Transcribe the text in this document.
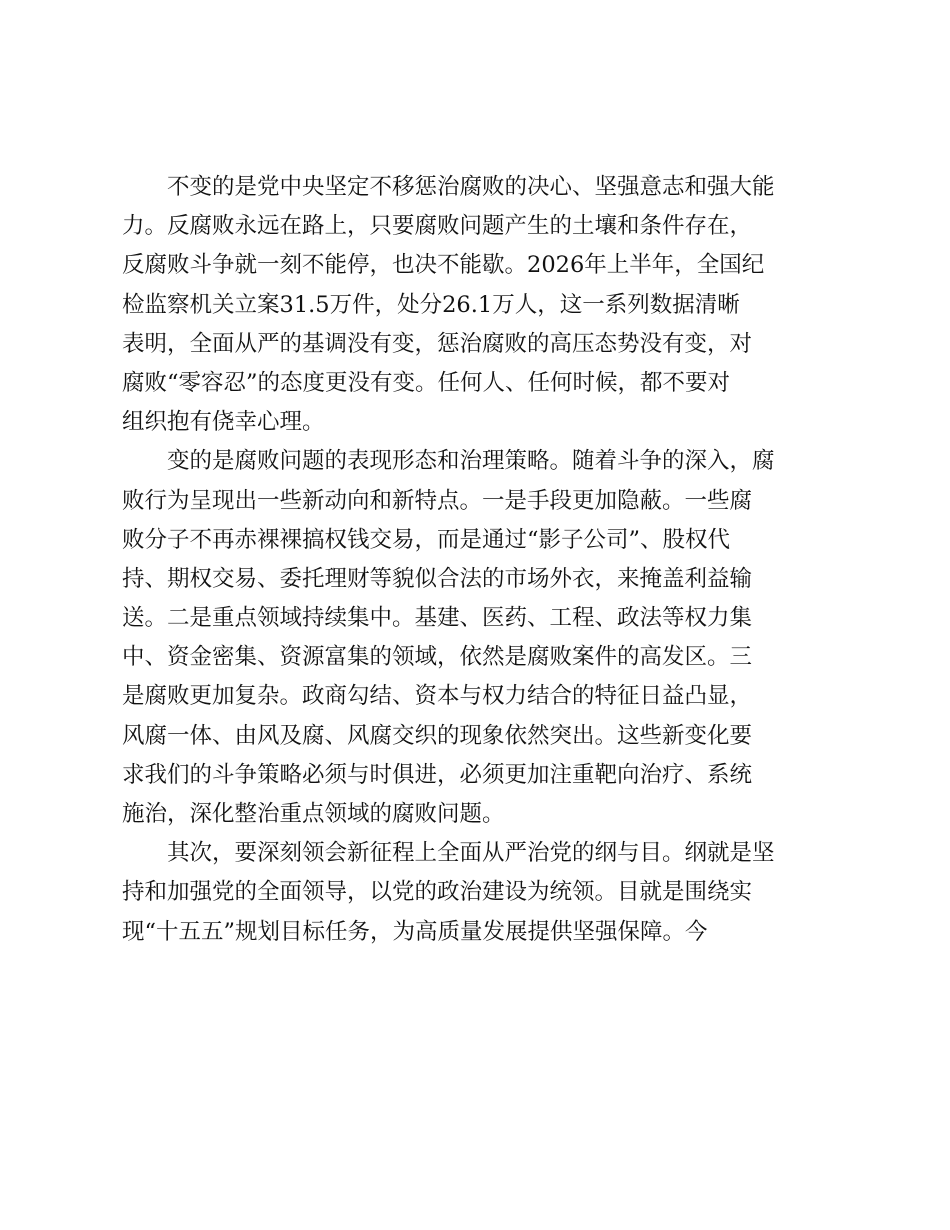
　　不变的是党中央坚定不移惩治腐败的决心、坚强意志和强大能
力。反腐败永远在路上，只要腐败问题产生的土壤和条件存在，
反腐败斗争就一刻不能停，也决不能歇。2026年上半年，全国纪
检监察机关立案31.5万件，处分26.1万人，这一系列数据清晰
表明，全面从严的基调没有变，惩治腐败的高压态势没有变，对
腐败“零容忍”的态度更没有变。任何人、任何时候，都不要对
组织抱有侥幸心理。
　　变的是腐败问题的表现形态和治理策略。随着斗争的深入，腐
败行为呈现出一些新动向和新特点。一是手段更加隐蔽。一些腐
败分子不再赤裸裸搞权钱交易，而是通过“影子公司”、股权代
持、期权交易、委托理财等貌似合法的市场外衣，来掩盖利益输
送。二是重点领域持续集中。基建、医药、工程、政法等权力集
中、资金密集、资源富集的领域，依然是腐败案件的高发区。三
是腐败更加复杂。政商勾结、资本与权力结合的特征日益凸显，
风腐一体、由风及腐、风腐交织的现象依然突出。这些新变化要
求我们的斗争策略必须与时俱进，必须更加注重靶向治疗、系统
施治，深化整治重点领域的腐败问题。
　　其次，要深刻领会新征程上全面从严治党的纲与目。纲就是坚
持和加强党的全面领导，以党的政治建设为统领。目就是围绕实
现“十五五”规划目标任务，为高质量发展提供坚强保障。今
